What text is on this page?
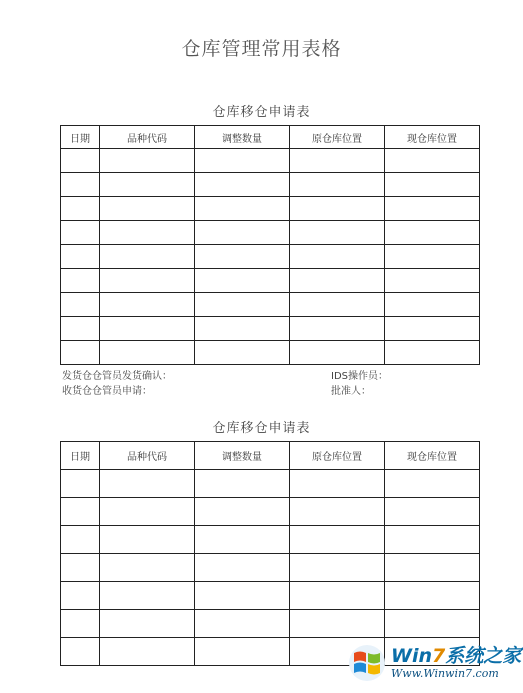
仓库管理常用表格
仓库移仓申请表
日期	品种代码	调整数量	原仓库位置	现仓库位置

发货仓仓管员发货确认：	IDS操作员：
收货仓仓管员申请：	批准人：
仓库移仓申请表
日期	品种代码	调整数量	原仓库位置	现仓库位置

Win7系统之家
Www.Winwin7.com
